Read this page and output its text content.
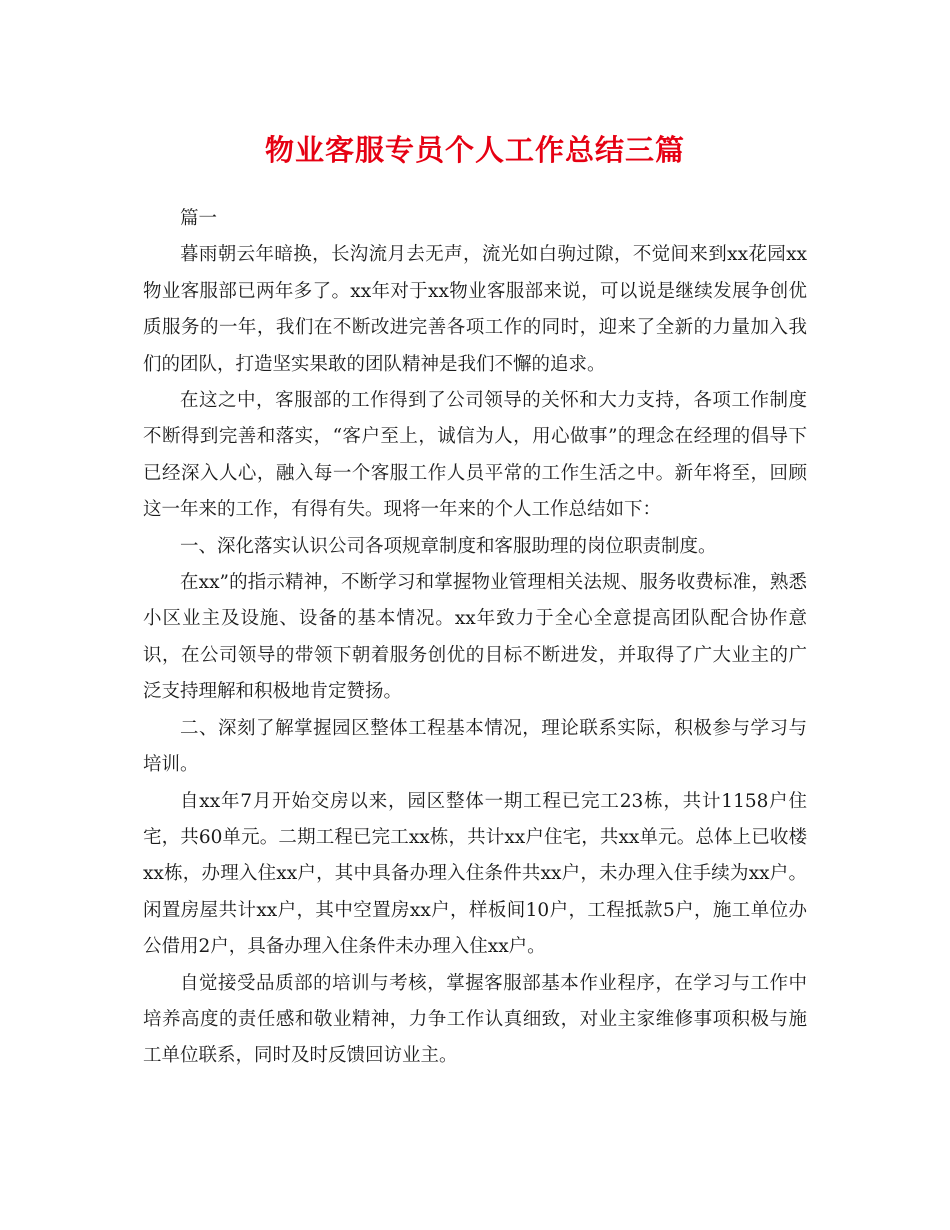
物业客服专员个人工作总结三篇

篇一

暮雨朝云年暗换，长沟流月去无声，流光如白驹过隙，不觉间来到xx花园xx物业客服部已两年多了。xx年对于xx物业客服部来说，可以说是继续发展争创优质服务的一年，我们在不断改进完善各项工作的同时，迎来了全新的力量加入我们的团队，打造坚实果敢的团队精神是我们不懈的追求。

在这之中，客服部的工作得到了公司领导的关怀和大力支持，各项工作制度不断得到完善和落实，“客户至上，诚信为人，用心做事”的理念在经理的倡导下已经深入人心，融入每一个客服工作人员平常的工作生活之中。新年将至，回顾这一年来的工作，有得有失。现将一年来的个人工作总结如下：

一、深化落实认识公司各项规章制度和客服助理的岗位职责制度。

在xx”的指示精神，不断学习和掌握物业管理相关法规、服务收费标准，熟悉小区业主及设施、设备的基本情况。xx年致力于全心全意提高团队配合协作意识，在公司领导的带领下朝着服务创优的目标不断进发，并取得了广大业主的广泛支持理解和积极地肯定赞扬。

二、深刻了解掌握园区整体工程基本情况，理论联系实际，积极参与学习与培训。

自xx年7月开始交房以来，园区整体一期工程已完工23栋，共计1158户住宅，共60单元。二期工程已完工xx栋，共计xx户住宅，共xx单元。总体上已收楼xx栋，办理入住xx户，其中具备办理入住条件共xx户，未办理入住手续为xx户。闲置房屋共计xx户，其中空置房xx户，样板间10户，工程抵款5户，施工单位办公借用2户，具备办理入住条件未办理入住xx户。

自觉接受品质部的培训与考核，掌握客服部基本作业程序，在学习与工作中培养高度的责任感和敬业精神，力争工作认真细致，对业主家维修事项积极与施工单位联系，同时及时反馈回访业主。
